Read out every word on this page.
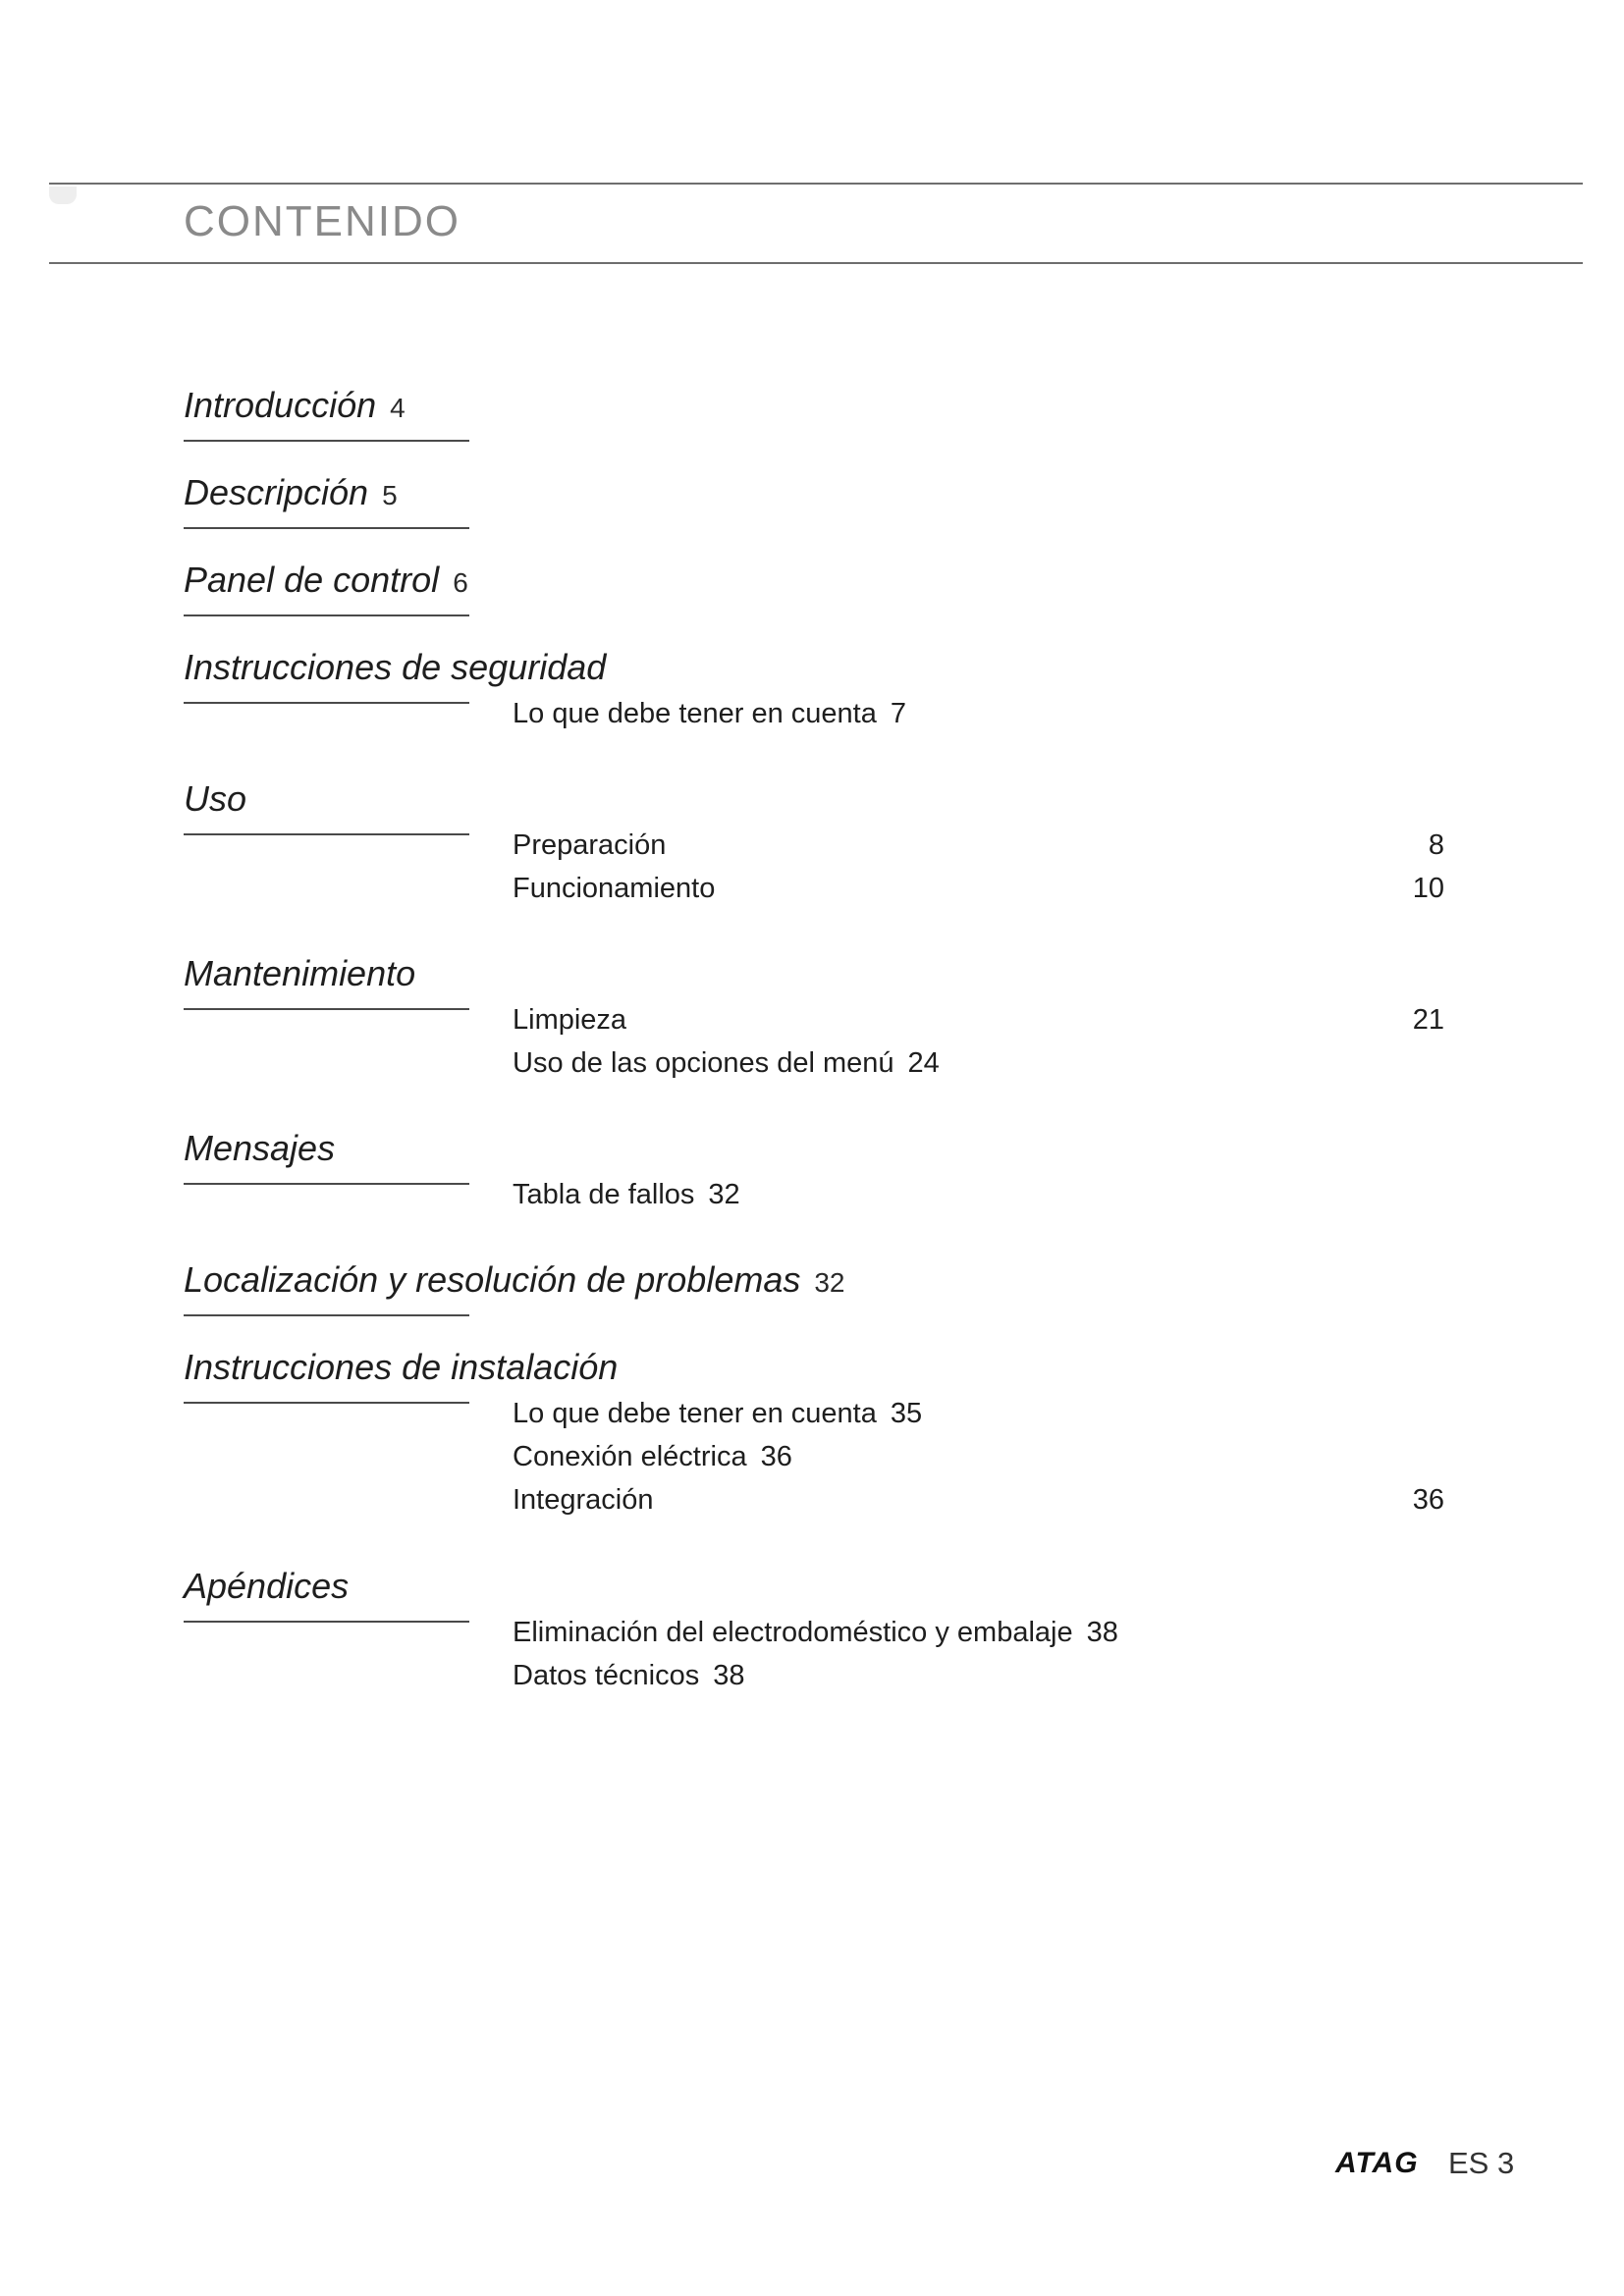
CONTENIDO
Introducción 4
Descripción 5
Panel de control 6
Instrucciones de seguridad
Lo que debe tener en cuenta 7
Uso
Preparación	8
Funcionamiento	10
Mantenimiento
Limpieza	21
Uso de las opciones del menú 24
Mensajes
Tabla de fallos 32
Localización y resolución de problemas 32
Instrucciones de instalación
Lo que debe tener en cuenta 35
Conexión eléctrica 36
Integración	36
Apéndices
Eliminación del electrodoméstico y embalaje 38
Datos técnicos 38
ATAG ES 3
